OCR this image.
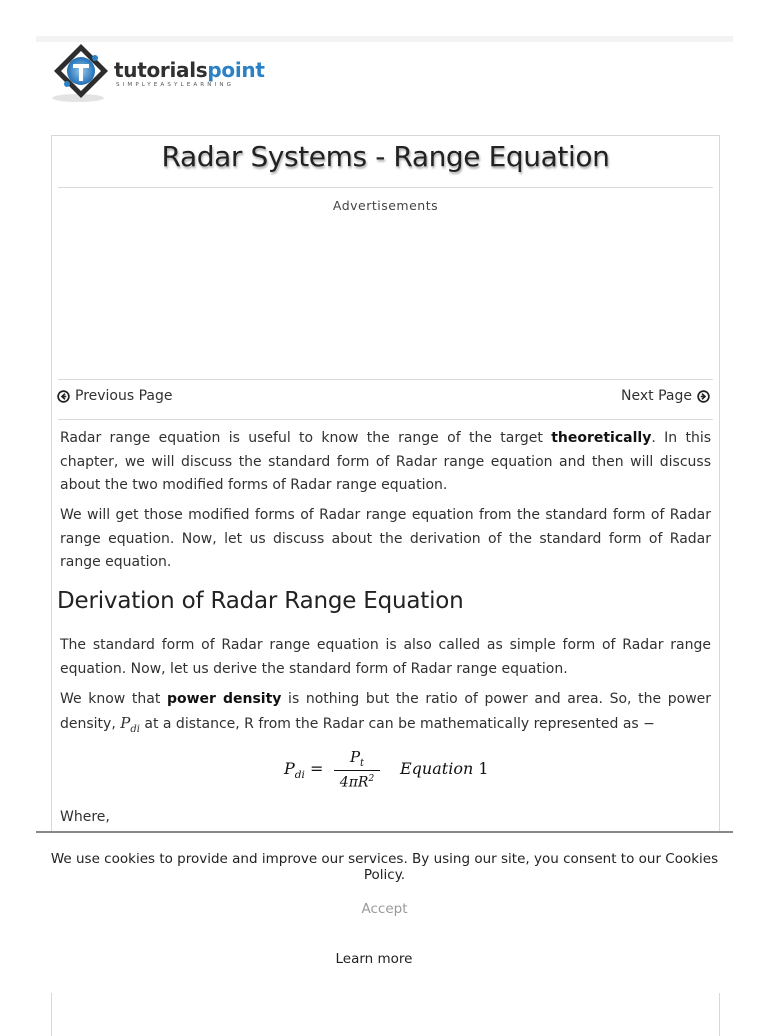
tutorialspoint
SIMPLYEASYLEARNING
Radar Systems - Range Equation
Advertisements
Previous Page	Next Page

Radar range equation is useful to know the range of the target theoretically. In this chapter, we will discuss the standard form of Radar range equation and then will discuss about the two modified forms of Radar range equation.

We will get those modified forms of Radar range equation from the standard form of Radar range equation. Now, let us discuss about the derivation of the standard form of Radar range equation.

Derivation of Radar Range Equation

The standard form of Radar range equation is also called as simple form of Radar range equation. Now, let us derive the standard form of Radar range equation.

We know that power density is nothing but the ratio of power and area. So, the power density, $P_{di}$ at a distance, R from the Radar can be mathematically represented as −

$P_{di}$ =
$P_t$
$4\pi R^2$
Equation 1

Where,

We use cookies to provide and improve our services. By using our site, you consent to our Cookies Policy.
Accept
Learn more
